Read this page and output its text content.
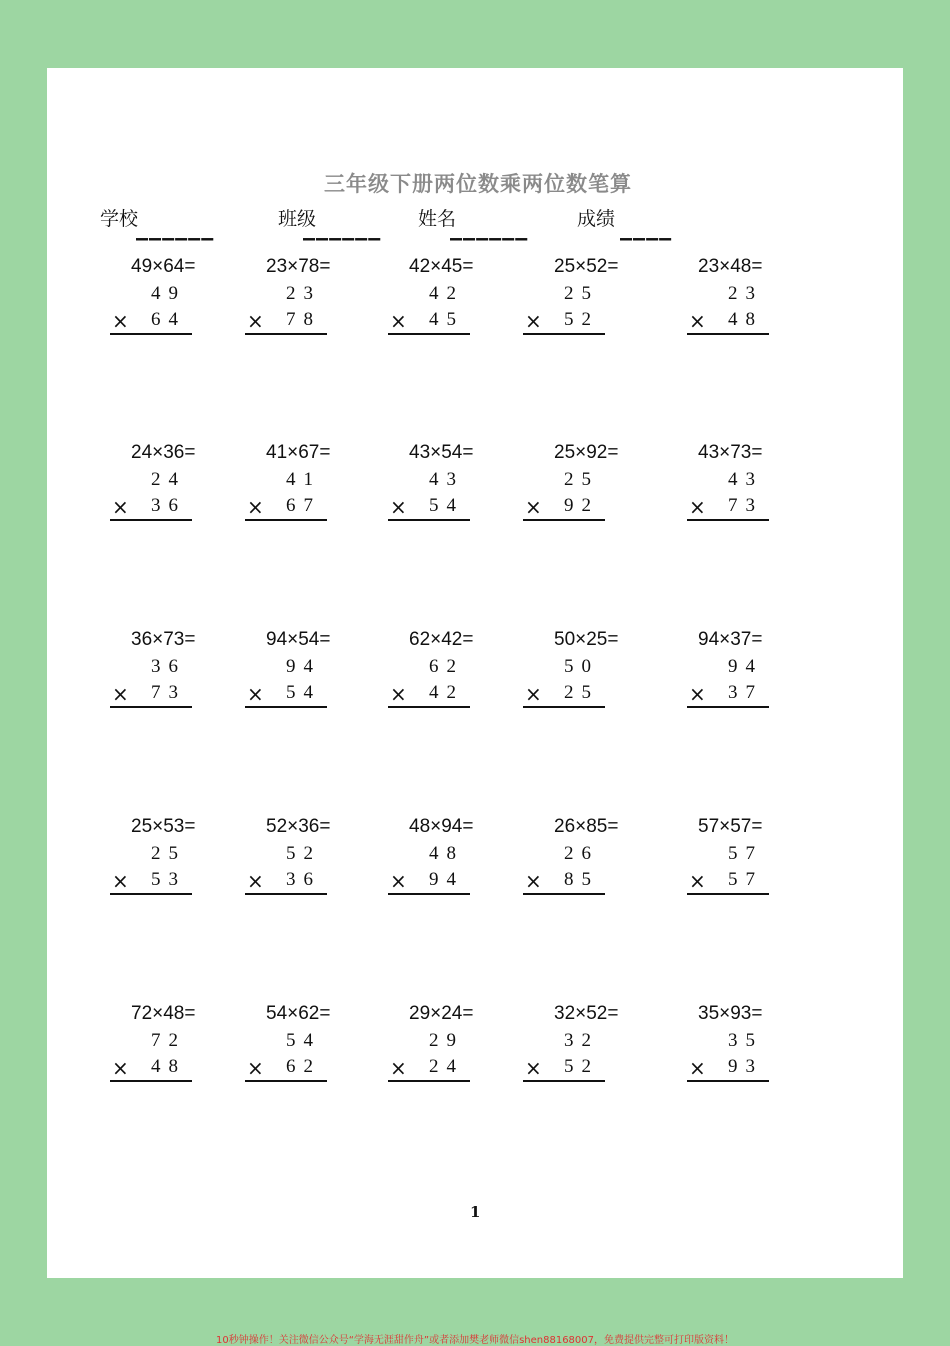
三年级下册两位数乘两位数笔算
学校
——————
班级
——————
姓名
——————
成绩
————
49×64=
49
× 64
23×78=
23
× 78
42×45=
42
× 45
25×52=
25
× 52
23×48=
23
× 48
24×36=
24
× 36
41×67=
41
× 67
43×54=
43
× 54
25×92=
25
× 92
43×73=
43
× 73
36×73=
36
× 73
94×54=
94
× 54
62×42=
62
× 42
50×25=
50
× 25
94×37=
94
× 37
25×53=
25
× 53
52×36=
52
× 36
48×94=
48
× 94
26×85=
26
× 85
57×57=
57
× 57
72×48=
72
× 48
54×62=
54
× 62
29×24=
29
× 24
32×52=
32
× 52
35×93=
35
× 93
1
10秒钟操作！关注微信公众号“学海无涯甜作舟”或者添加樊老师微信shen88168007，免费提供完整可打印版资料！
